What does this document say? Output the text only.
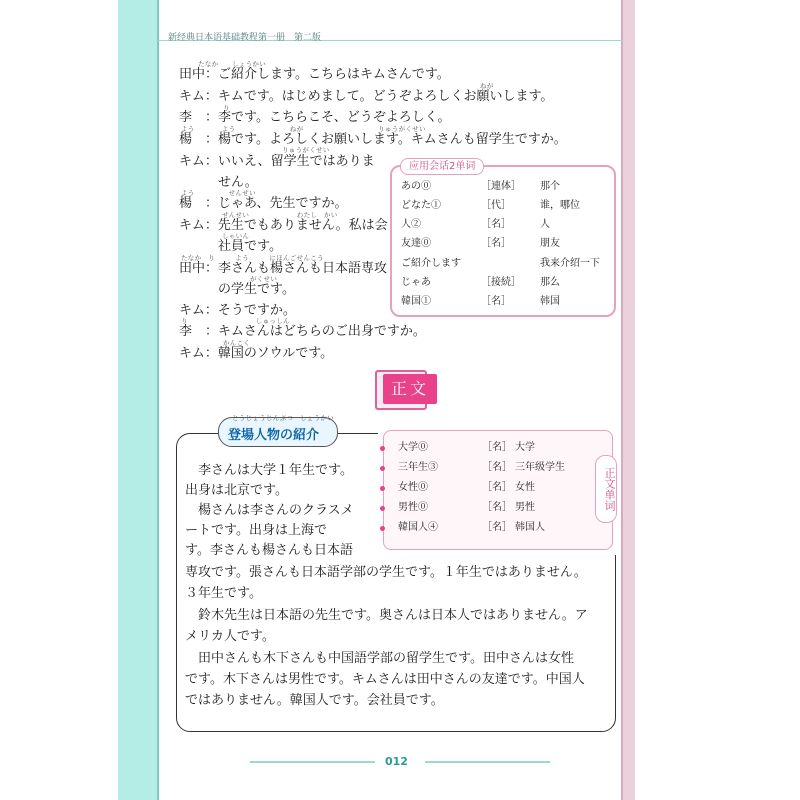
新经典日本语基础教程第一册　第二版
たなか　　しょうかい
田中：ご紹介します。こちらはキムさんです。
ねが
キム：キムです。はじめまして。どうぞよろしくお願いします。
り
李　：李です。こちらこそ、どうぞよろしく。
よう　　　　よう　　　　　　　　ねが　　　　　　　　　　　りゅうがくせい
楊　：楊です。よろしくお願いします。キムさんも留学生ですか。
りゅうがくせい
キム：いいえ、留学生ではありま
　　　せん。
よう　　　　　せんせい
楊　：じゃあ、先生ですか。
せんせい　　　　　　　わたし　かい
キム：先生でもありません。私は会
しゃいん
　　　社員です。
たなか　り　　　よう　　　にほんごせんこう
田中：李さんも楊さんも日本語専攻
がくせい
　　　の学生です。
キム：そうですか。
り　　　　　　　　　　しゅっしん
李　：キムさんはどちらのご出身ですか。
かんこく
キム：韓国のソウルです。
应用会话2单词
あの⓪	［連体］ 那个
どなた①	［代］	谁，哪位
人②	［名］	人
友達⓪	［名］	朋友
ご紹介します	我来介绍一下
じゃあ	［接続］ 那么
韓国①	［名］	韩国
正文
とうじょうじんぶつ　しょうかい
登場人物の紹介
正文单词
大学⓪	［名］ 大学
三年生③	［名］ 三年级学生
女性⓪	［名］ 女性
男性⓪	［名］ 男性
韓国人④	［名］ 韩国人
　李さんは大学１年生です。
出身は北京です。
　楊さんは李さんのクラスメ
ートです。出身は上海で
す。李さんも楊さんも日本語
専攻です。張さんも日本語学部の学生です。１年生ではありません。
３年生です。
　鈴木先生は日本語の先生です。奥さんは日本人ではありません。ア
メリカ人です。
　田中さんも木下さんも中国語学部の留学生です。田中さんは女性
です。木下さんは男性です。キムさんは田中さんの友達です。中国人
ではありません。韓国人です。会社員です。
012
